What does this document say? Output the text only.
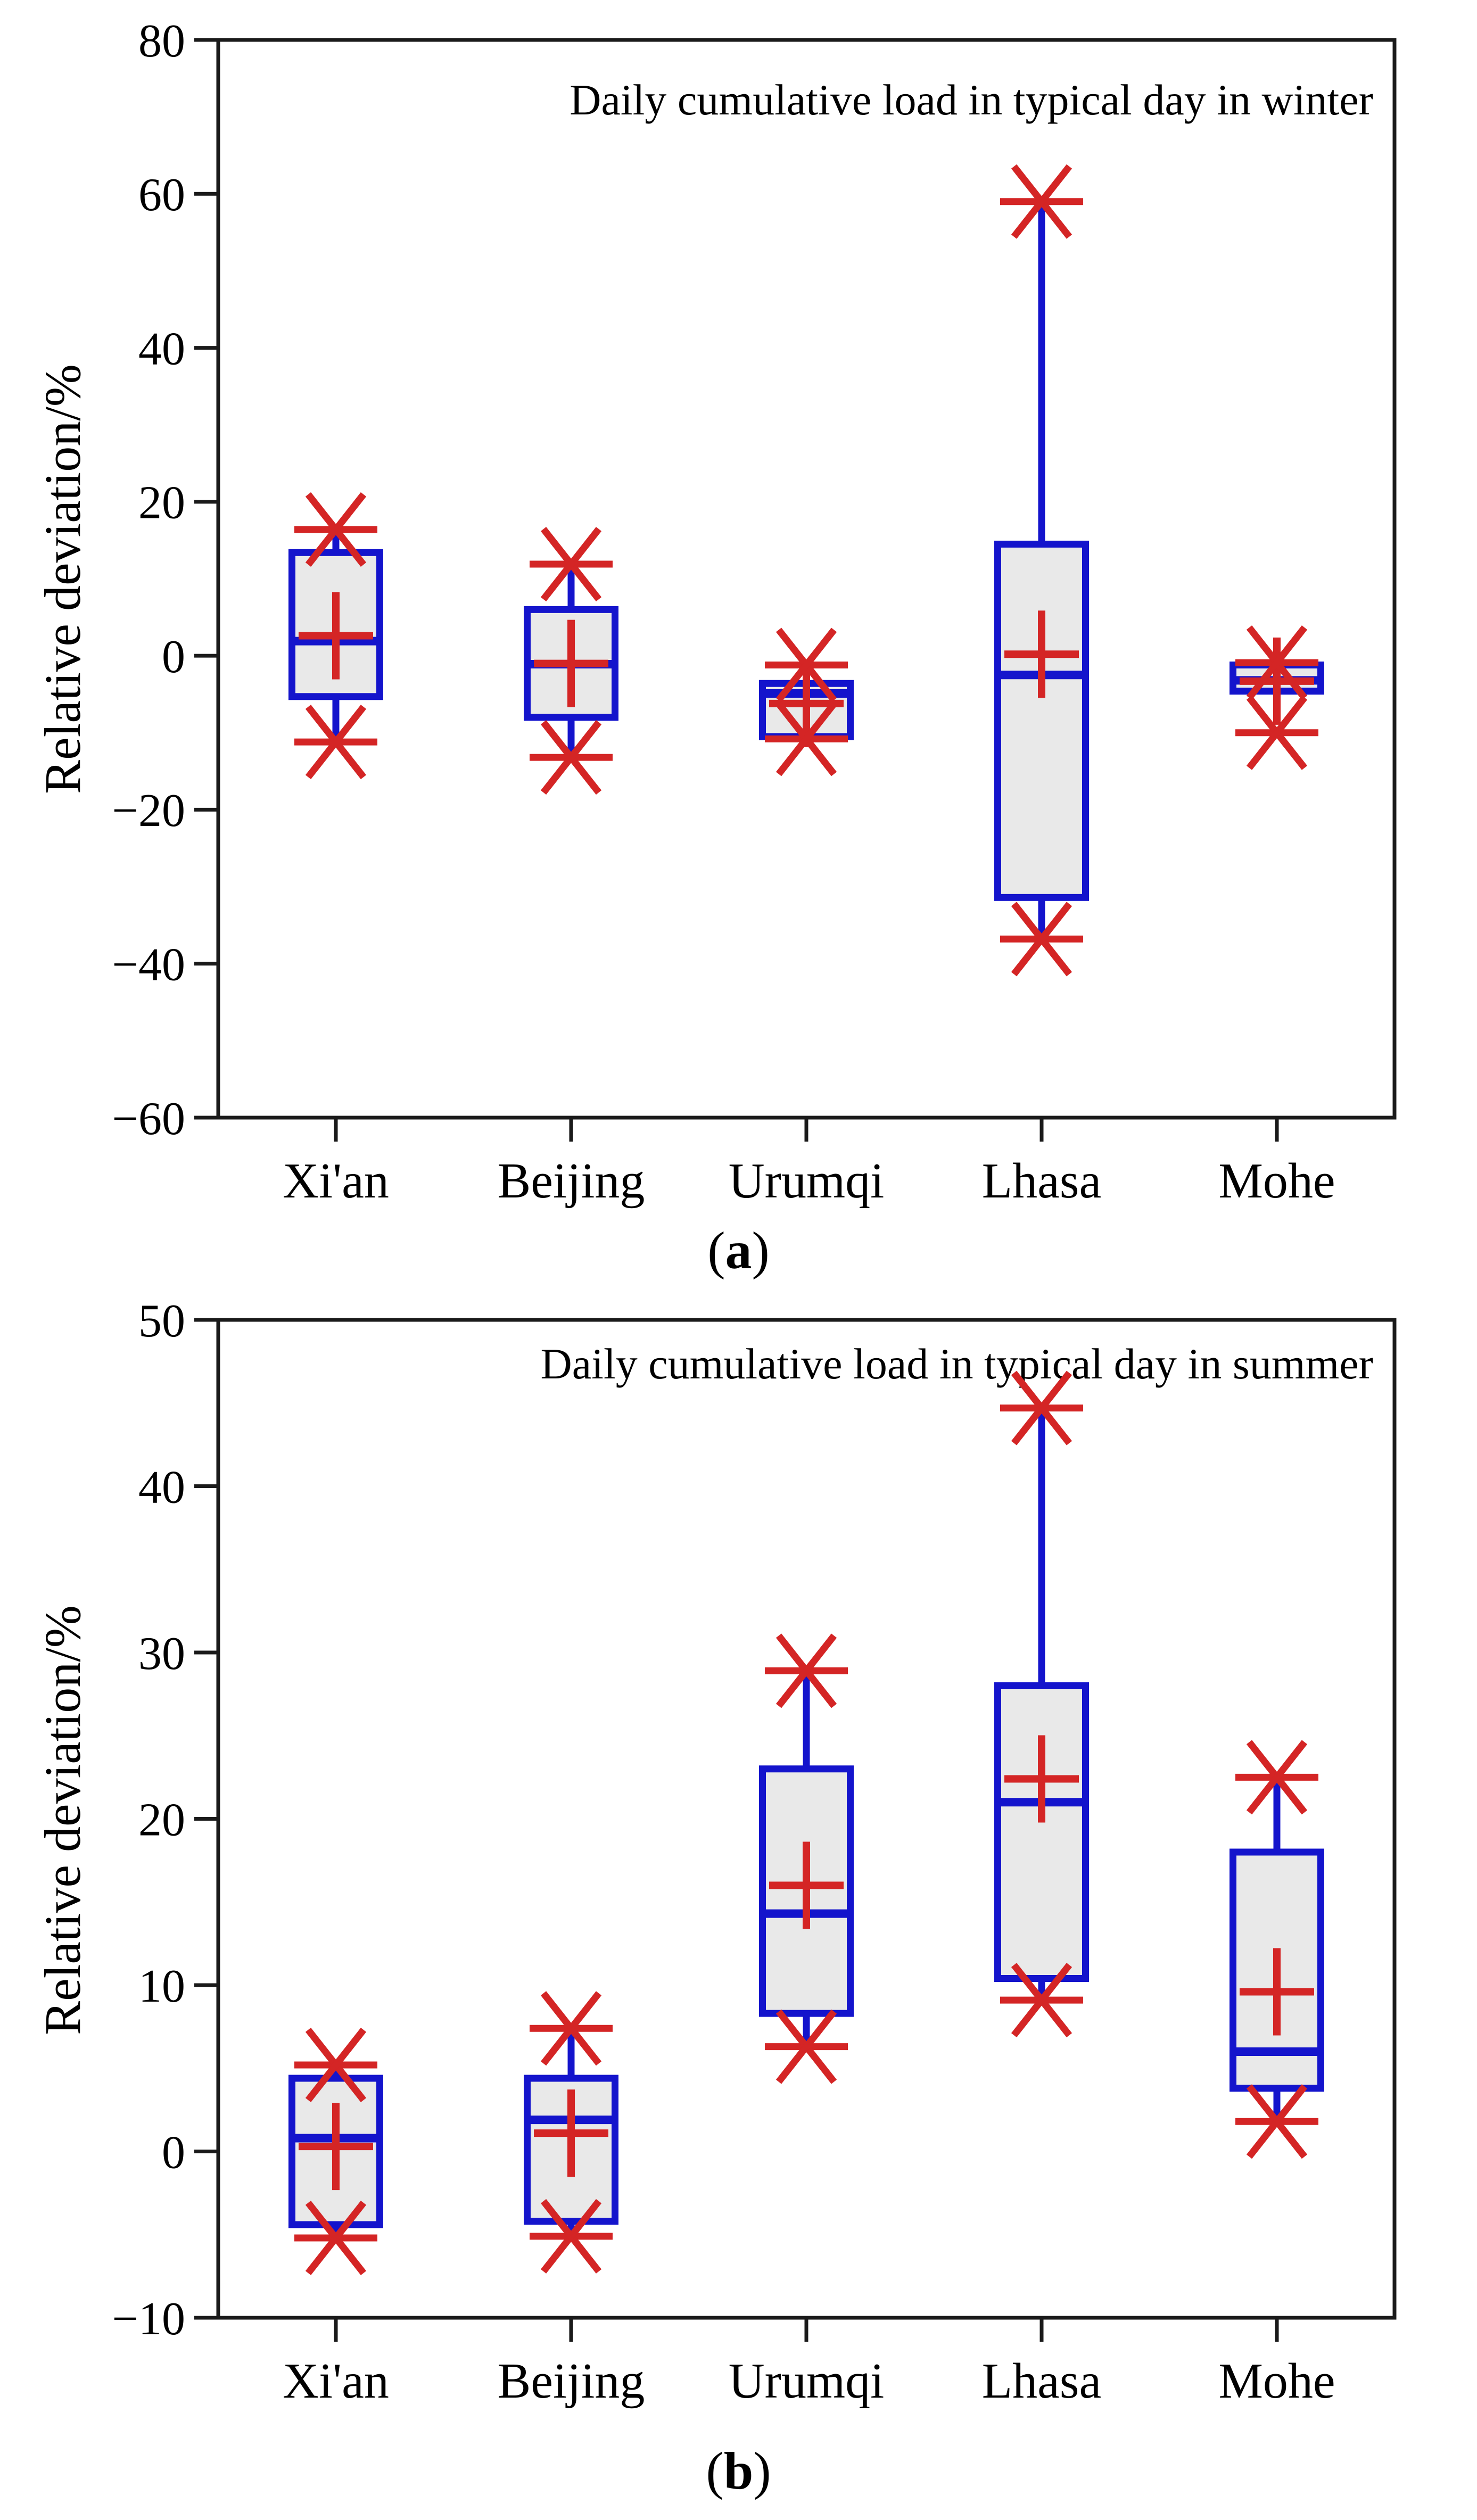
80
60
40
20
0
−20
−40
−60
Xi'an Beijing Urumqi Lhasa Mohe
Daily cumulative load in typical day in winter
Relative deviation/%
( a )
50
40
30
20
10
0
−10
Xi'an Beijing Urumqi Lhasa Mohe
Daily cumulative load in typical day in summer
Relative deviation/%
( b )
